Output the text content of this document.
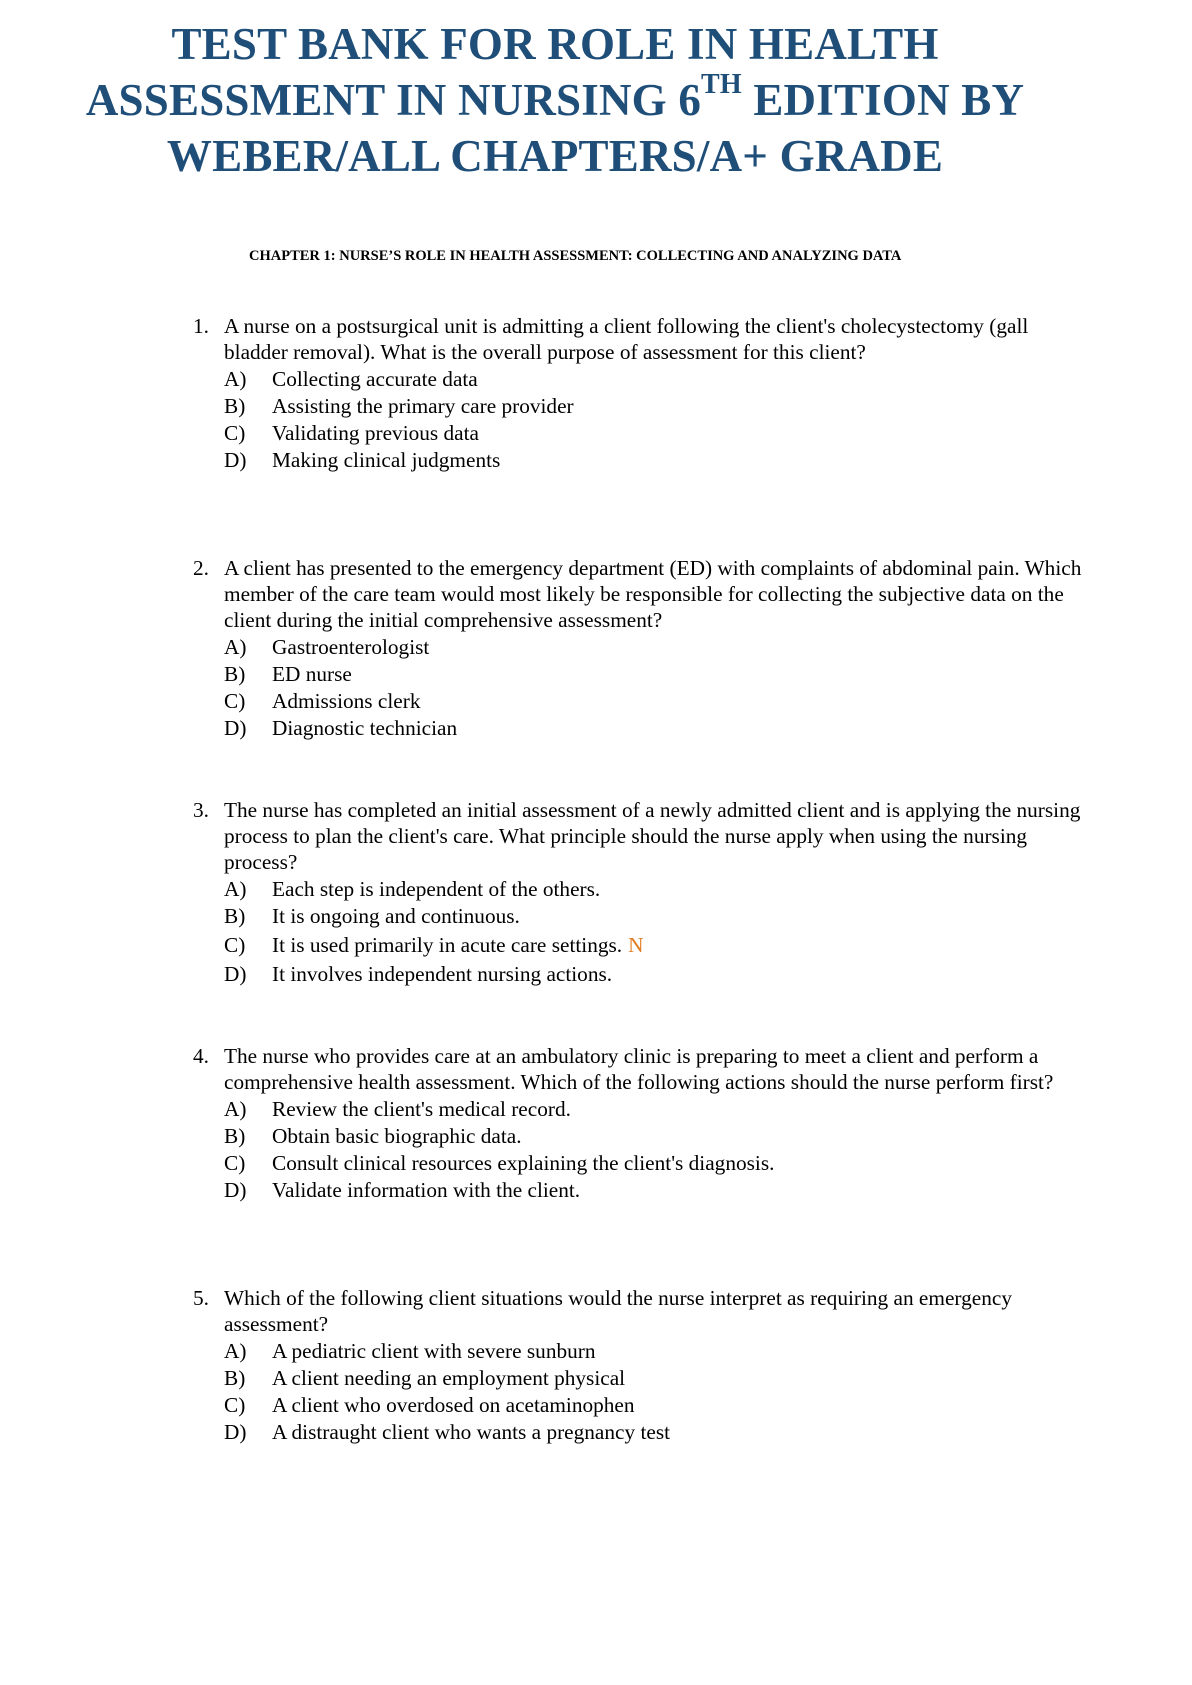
TEST BANK FOR ROLE IN HEALTH
ASSESSMENT IN NURSING 6TH EDITION BY
WEBER/ALL CHAPTERS/A+ GRADE
CHAPTER 1: NURSE’S ROLE IN HEALTH ASSESSMENT: COLLECTING AND ANALYZING DATA
1. A nurse on a postsurgical unit is admitting a client following the client's cholecystectomy (gall bladder removal). What is the overall purpose of assessment for this client?
A)	Collecting accurate data
B)	Assisting the primary care provider
C)	Validating previous data
D)	Making clinical judgments
2. A client has presented to the emergency department (ED) with complaints of abdominal pain. Which member of the care team would most likely be responsible for collecting the subjective data on the client during the initial comprehensive assessment?
A)	Gastroenterologist
B)	ED nurse
C)	Admissions clerk
D)	Diagnostic technician
3. The nurse has completed an initial assessment of a newly admitted client and is applying the nursing process to plan the client's care. What principle should the nurse apply when using the nursing process?
A)	Each step is independent of the others.
B)	It is ongoing and continuous.
C)	It is used primarily in acute care settings. N
D)	It involves independent nursing actions.
4. The nurse who provides care at an ambulatory clinic is preparing to meet a client and perform a comprehensive health assessment. Which of the following actions should the nurse perform first?
A)	Review the client's medical record.
B)	Obtain basic biographic data.
C)	Consult clinical resources explaining the client's diagnosis.
D)	Validate information with the client.
5. Which of the following client situations would the nurse interpret as requiring an emergency assessment?
A)	A pediatric client with severe sunburn
B)	A client needing an employment physical
C)	A client who overdosed on acetaminophen
D)	A distraught client who wants a pregnancy test
